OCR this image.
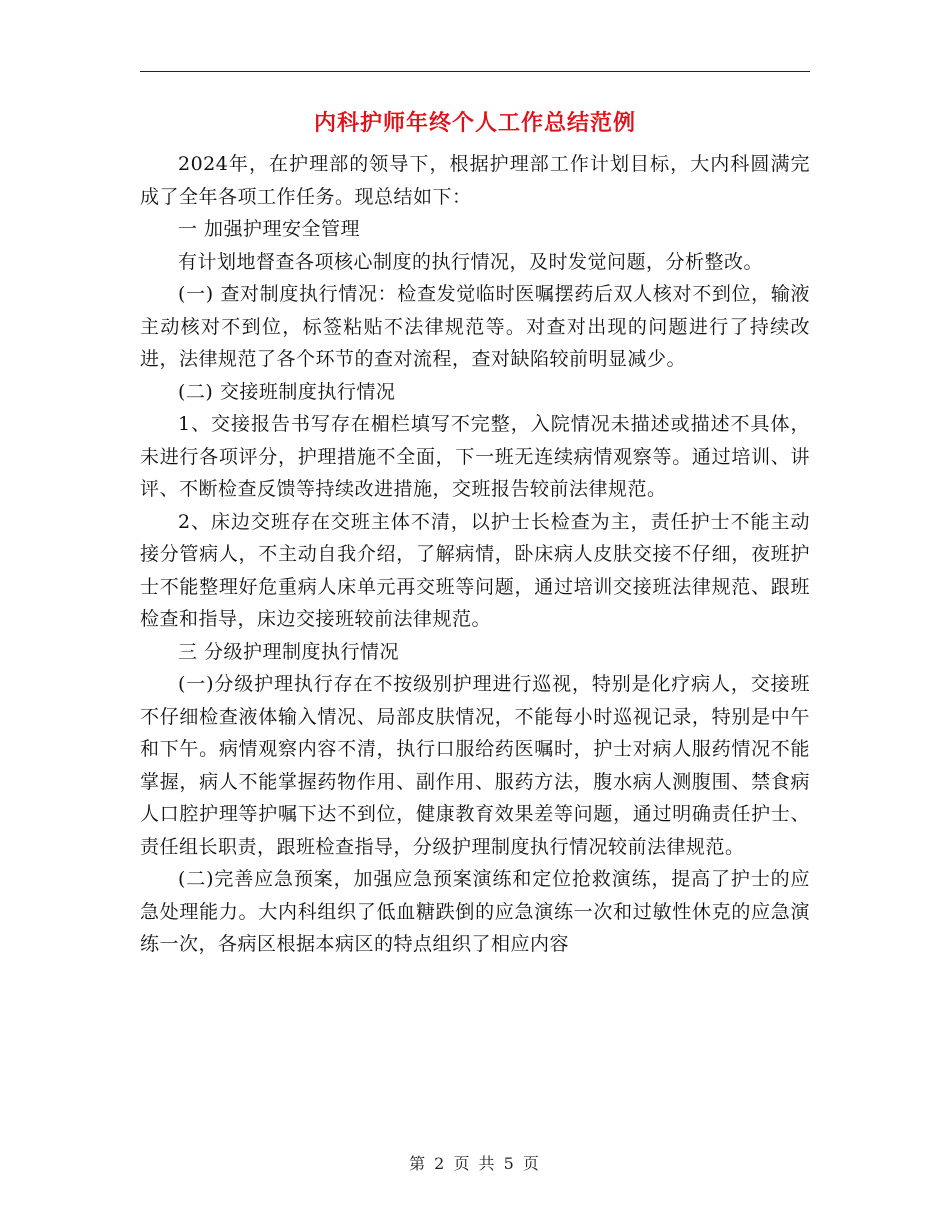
内科护师年终个人工作总结范例

2024年，在护理部的领导下，根据护理部工作计划目标，大内科圆满完成了全年各项工作任务。现总结如下：

一 加强护理安全管理

有计划地督查各项核心制度的执行情况，及时发觉问题，分析整改。

(一) 查对制度执行情况：检查发觉临时医嘱摆药后双人核对不到位，输液主动核对不到位，标签粘贴不法律规范等。对查对出现的问题进行了持续改进，法律规范了各个环节的查对流程，查对缺陷较前明显减少。

(二) 交接班制度执行情况

1、交接报告书写存在楣栏填写不完整，入院情况未描述或描述不具体，未进行各项评分，护理措施不全面，下一班无连续病情观察等。通过培训、讲评、不断检查反馈等持续改进措施，交班报告较前法律规范。

2、床边交班存在交班主体不清，以护士长检查为主，责任护士不能主动接分管病人，不主动自我介绍，了解病情，卧床病人皮肤交接不仔细，夜班护士不能整理好危重病人床单元再交班等问题，通过培训交接班法律规范、跟班检查和指导，床边交接班较前法律规范。

三 分级护理制度执行情况

(一)分级护理执行存在不按级别护理进行巡视，特别是化疗病人，交接班不仔细检查液体输入情况、局部皮肤情况，不能每小时巡视记录，特别是中午和下午。病情观察内容不清，执行口服给药医嘱时，护士对病人服药情况不能掌握，病人不能掌握药物作用、副作用、服药方法，腹水病人测腹围、禁食病人口腔护理等护嘱下达不到位，健康教育效果差等问题，通过明确责任护士、责任组长职责，跟班检查指导，分级护理制度执行情况较前法律规范。

(二)完善应急预案，加强应急预案演练和定位抢救演练，提高了护士的应急处理能力。大内科组织了低血糖跌倒的应急演练一次和过敏性休克的应急演练一次，各病区根据本病区的特点组织了相应内容

第 2 页 共 5 页
